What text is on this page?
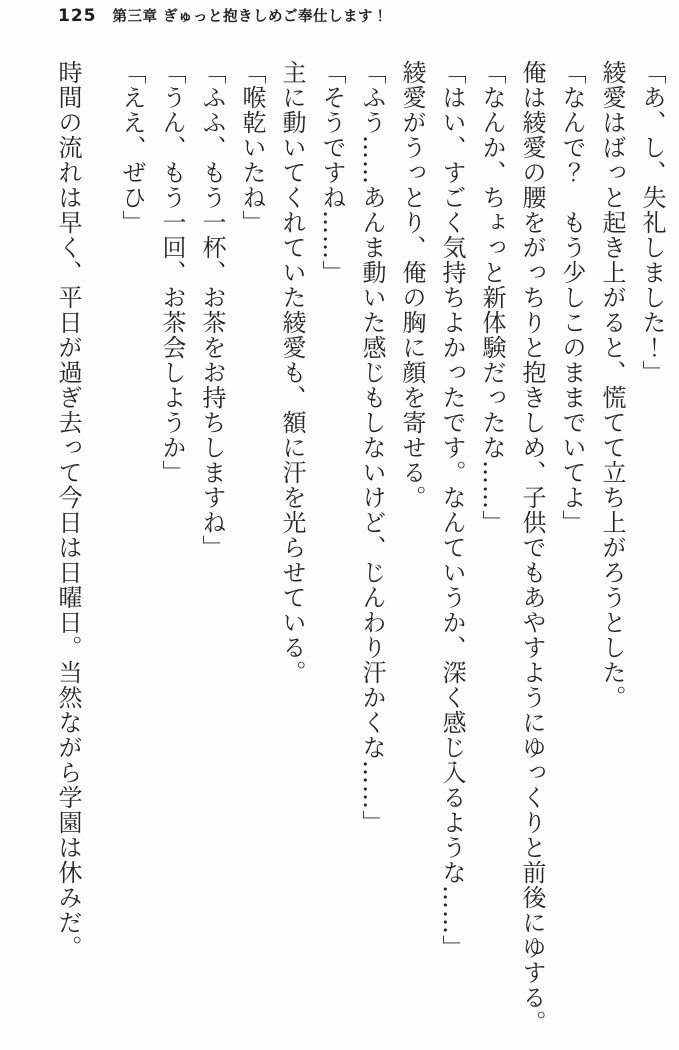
125 第三章 ぎゅっと抱きしめご奉仕します！

「あ、し、失礼しました！」

綾愛はばっと起き上がると、慌てて立ち上がろうとした。

「なんで？　もう少しこのままでいてよ」

俺は綾愛の腰をがっちりと抱きしめ、子供でもあやすようにゆっくりと前後にゆする。

「なんか、ちょっと新体験だったな……」

「はい、すごく気持ちよかったです。なんていうか、深く感じ入るような……」

綾愛がうっとり、俺の胸に顔を寄せる。

「ふう……あんま動いた感じもしないけど、じんわり汗かくな……」

「そうですね……」

主に動いてくれていた綾愛も、額に汗を光らせている。

「喉乾いたね」

「ふふ、もう一杯、お茶をお持ちしますね」

「うん、もう一回、お茶会しようか」

「ええ、ぜひ」

時間の流れは早く、平日が過ぎ去って今日は日曜日。当然ながら学園は休みだ。
